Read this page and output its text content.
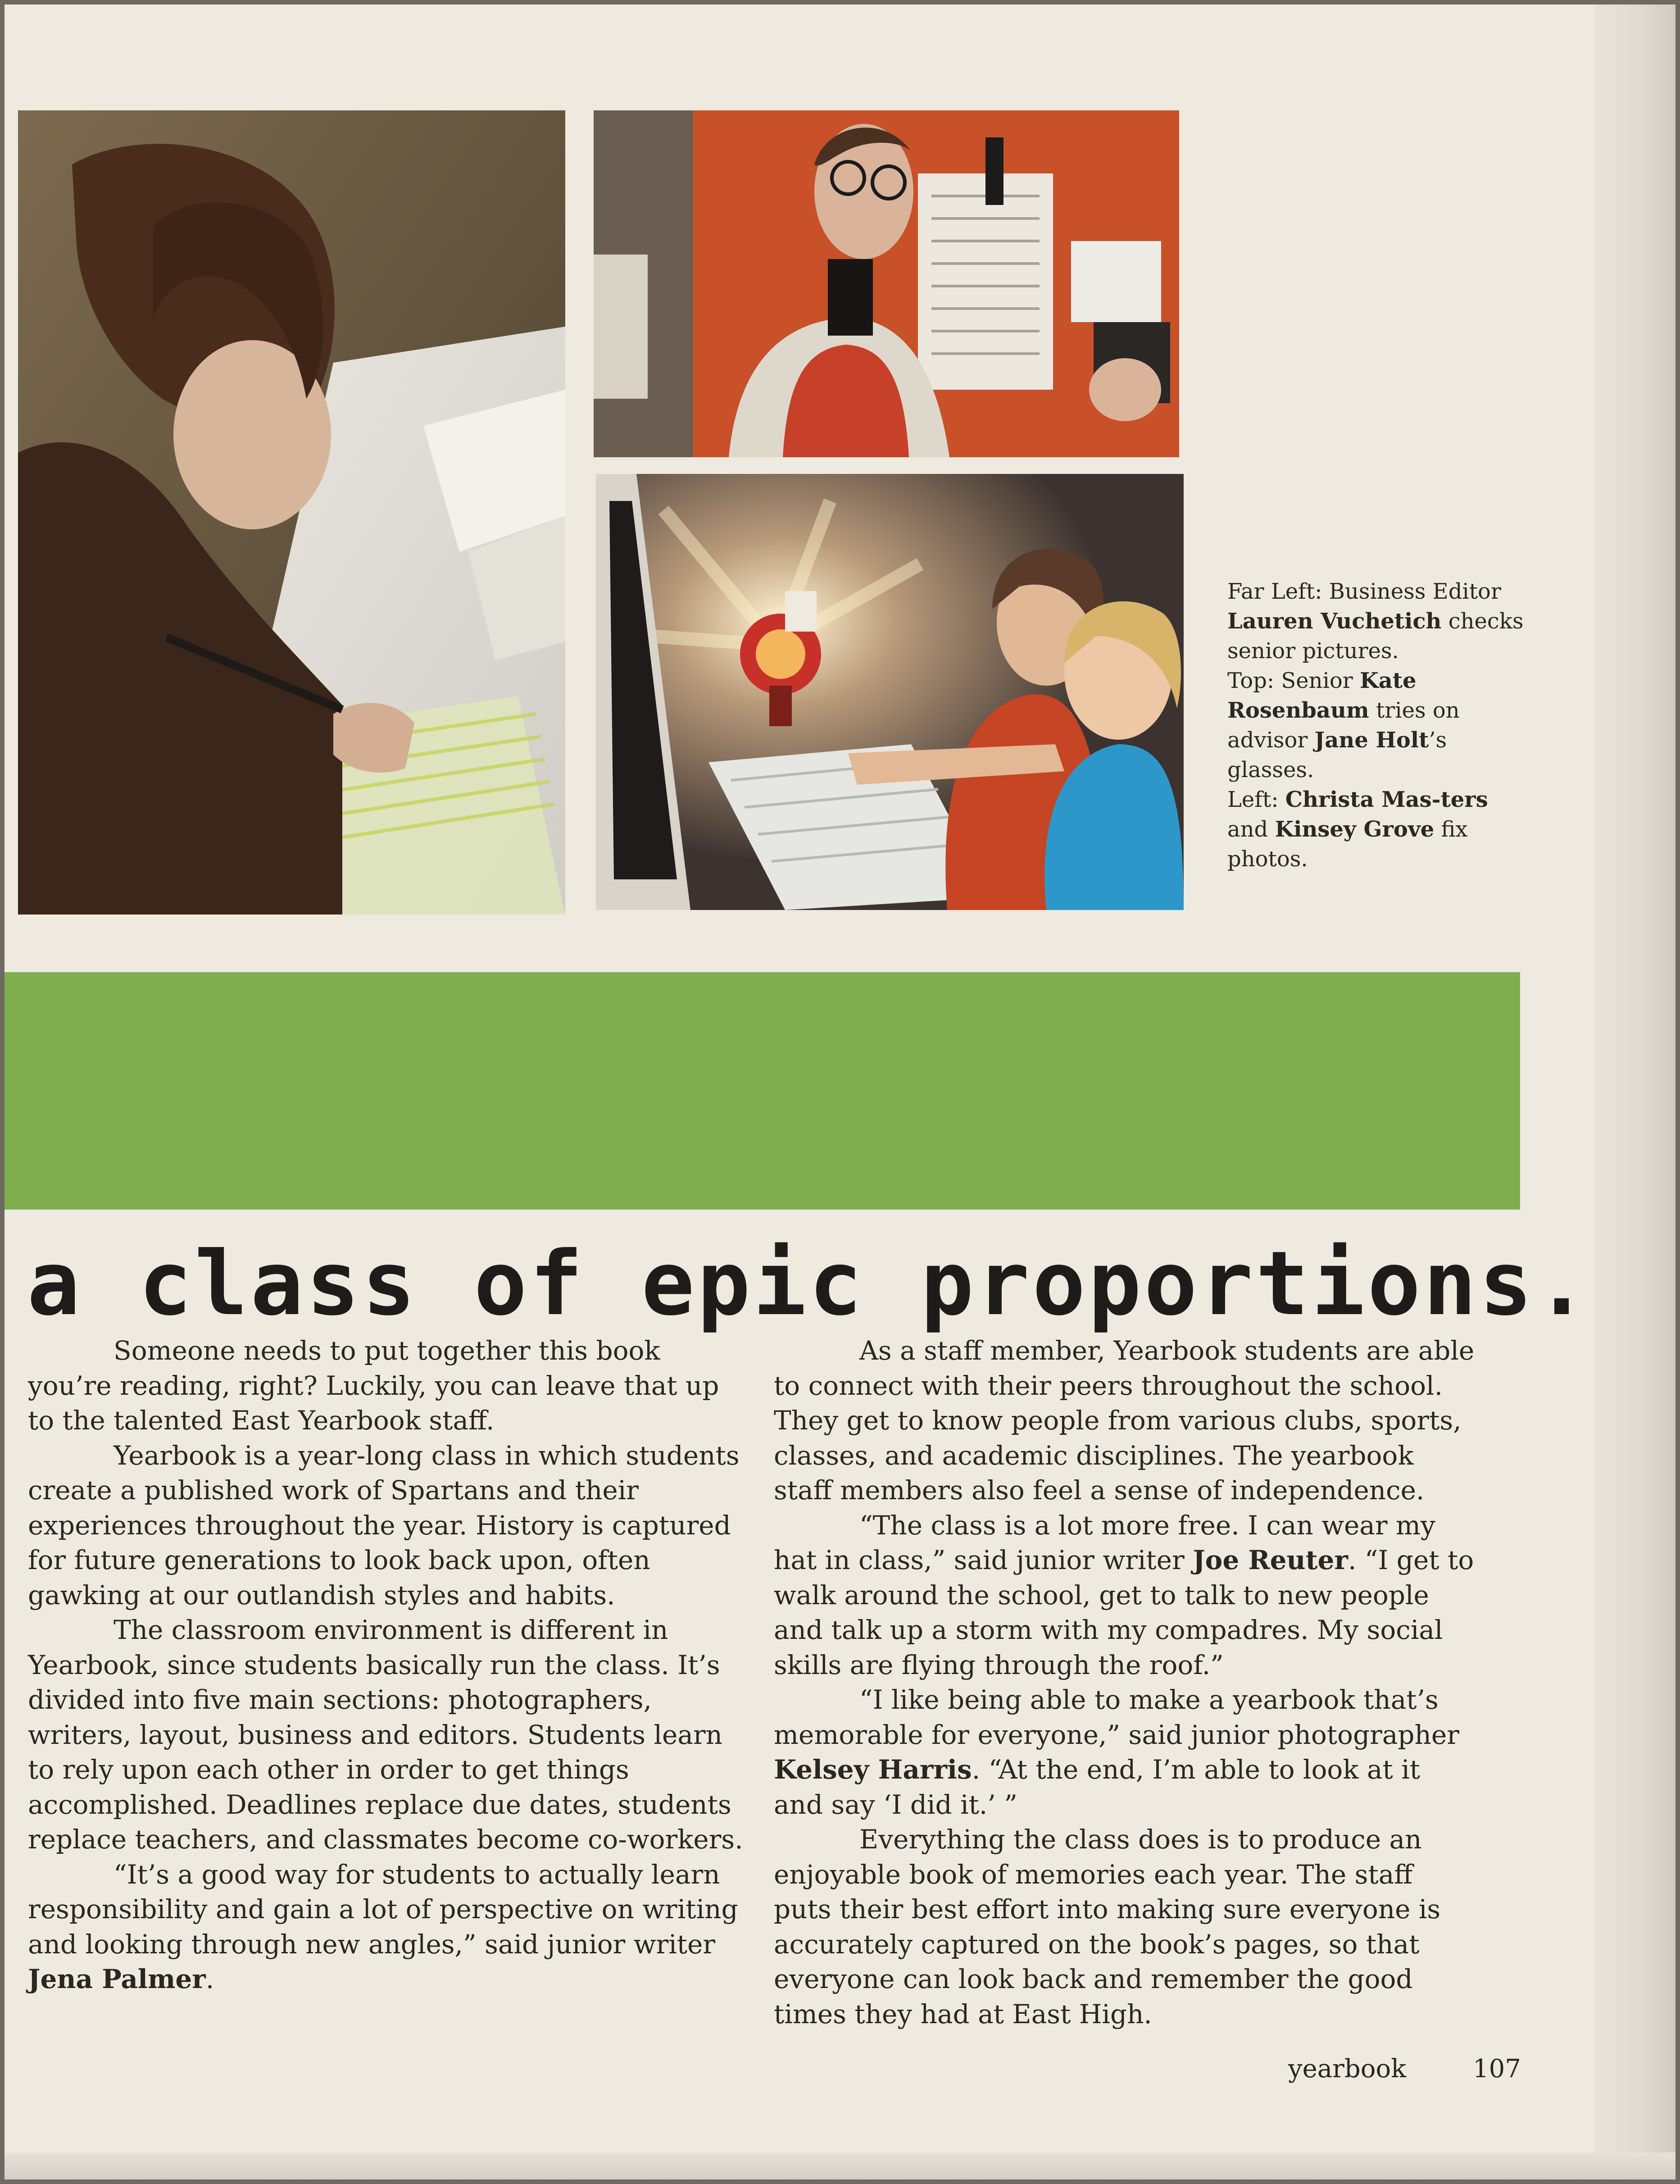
Far Left: Business Editor Lauren Vuchetich checks senior pictures.

Top: Senior Kate Rosenbaum tries on advisor Jane Holt’s glasses.

Left: Christa Mas-ters and Kinsey Grove fix photos.

a class of epic proportions.

Someone needs to put together this book you’re reading, right? Luckily, you can leave that up to the talented East Yearbook staff.

Yearbook is a year-long class in which students create a published work of Spartans and their experiences throughout the year. History is captured for future generations to look back upon, often gawking at our outlandish styles and habits.

The classroom environment is different in Yearbook, since students basically run the class. It’s divided into five main sections: photographers, writers, layout, business and editors. Students learn to rely upon each other in order to get things accomplished. Deadlines replace due dates, students replace teachers, and classmates become co-workers.

“It’s a good way for students to actually learn responsibility and gain a lot of perspective on writing and looking through new angles,” said junior writer Jena Palmer.

As a staff member, Yearbook students are able to connect with their peers throughout the school. They get to know people from various clubs, sports, classes, and academic disciplines. The yearbook staff members also feel a sense of independence.

“The class is a lot more free. I can wear my hat in class,” said junior writer Joe Reuter. “I get to walk around the school, get to talk to new people and talk up a storm with my compadres. My social skills are flying through the roof.”

“I like being able to make a yearbook that’s memorable for everyone,” said junior photographer Kelsey Harris. “At the end, I’m able to look at it and say ‘I did it.’ ”

Everything the class does is to produce an enjoyable book of memories each year. The staff puts their best effort into making sure everyone is accurately captured on the book’s pages, so that everyone can look back and remember the good times they had at East High.

yearbook	107
